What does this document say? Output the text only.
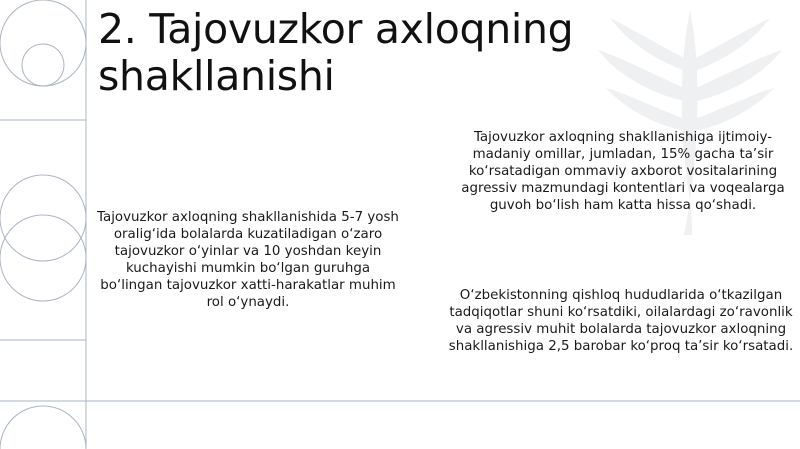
2. Tajovuzkor axloqning shakllanishi
Tajovuzkor axloqning shakllanishida 5-7 yosh oralig‘ida bolalarda kuzatiladigan o‘zaro tajovuzkor o‘yinlar va 10 yoshdan keyin kuchayishi mumkin bo‘lgan guruhga bo‘lingan tajovuzkor xatti-harakatlar muhim rol o‘ynaydi.
Tajovuzkor axloqning shakllanishiga ijtimoiy-madaniy omillar, jumladan, 15% gacha ta’sir ko‘rsatadigan ommaviy axborot vositalarining agressiv mazmundagi kontentlari va voqealarga guvoh bo‘lish ham katta hissa qo‘shadi.
O‘zbekistonning qishloq hududlarida o‘tkazilgan tadqiqotlar shuni ko‘rsatdiki, oilalardagi zo‘ravonlik va agressiv muhit bolalarda tajovuzkor axloqning shakllanishiga 2,5 barobar ko‘proq ta’sir ko‘rsatadi.
